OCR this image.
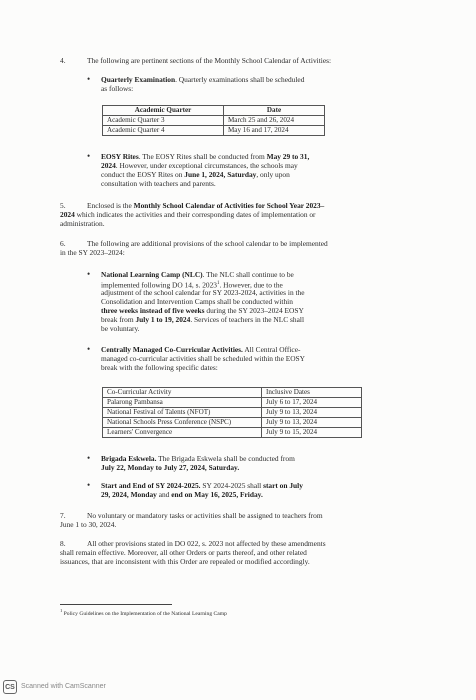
4.	The following are pertinent sections of the Monthly School Calendar of Activities:
• Quarterly Examination. Quarterly examinations shall be scheduled
as follows:
Academic Quarter	Date
Academic Quarter 3	March 25 and 26, 2024
Academic Quarter 4	May 16 and 17, 2024
• EOSY Rites. The EOSY Rites shall be conducted from May 29 to 31,
2024. However, under exceptional circumstances, the schools may
conduct the EOSY Rites on June 1, 2024, Saturday, only upon
consultation with teachers and parents.
5.	Enclosed is the Monthly School Calendar of Activities for School Year 2023–
2024 which indicates the activities and their corresponding dates of implementation or
administration.
6.	The following are additional provisions of the school calendar to be implemented
in the SY 2023–2024:
• National Learning Camp (NLC). The NLC shall continue to be
implemented following DO 14, s. 2023$^1$. However, due to the
adjustment of the school calendar for SY 2023-2024, activities in the
Consolidation and Intervention Camps shall be conducted within
three weeks instead of five weeks during the SY 2023–2024 EOSY
break from July 1 to 19, 2024. Services of teachers in the NLC shall
be voluntary.
• Centrally Managed Co-Curricular Activities. All Central Office-
managed co-curricular activities shall be scheduled within the EOSY
break with the following specific dates:
Co-Curricular Activity	Inclusive Dates
Palarong Pambansa	July 6 to 17, 2024
National Festival of Talents (NFOT)	July 9 to 13, 2024
National Schools Press Conference (NSPC)	July 9 to 13, 2024
Learners' Convergence	July 9 to 15, 2024
• Brigada Eskwela. The Brigada Eskwela shall be conducted from
July 22, Monday to July 27, 2024, Saturday.
• Start and End of SY 2024-2025. SY 2024-2025 shall start on July
29, 2024, Monday and end on May 16, 2025, Friday.
7.	No voluntary or mandatory tasks or activities shall be assigned to teachers from
June 1 to 30, 2024.
8.	All other provisions stated in DO 022, s. 2023 not affected by these amendments
shall remain effective. Moreover, all other Orders or parts thereof, and other related
issuances, that are inconsistent with this Order are repealed or modified accordingly.
$^1$ Policy Guidelines on the Implementation of the National Learning Camp
CS Scanned with CamScanner
